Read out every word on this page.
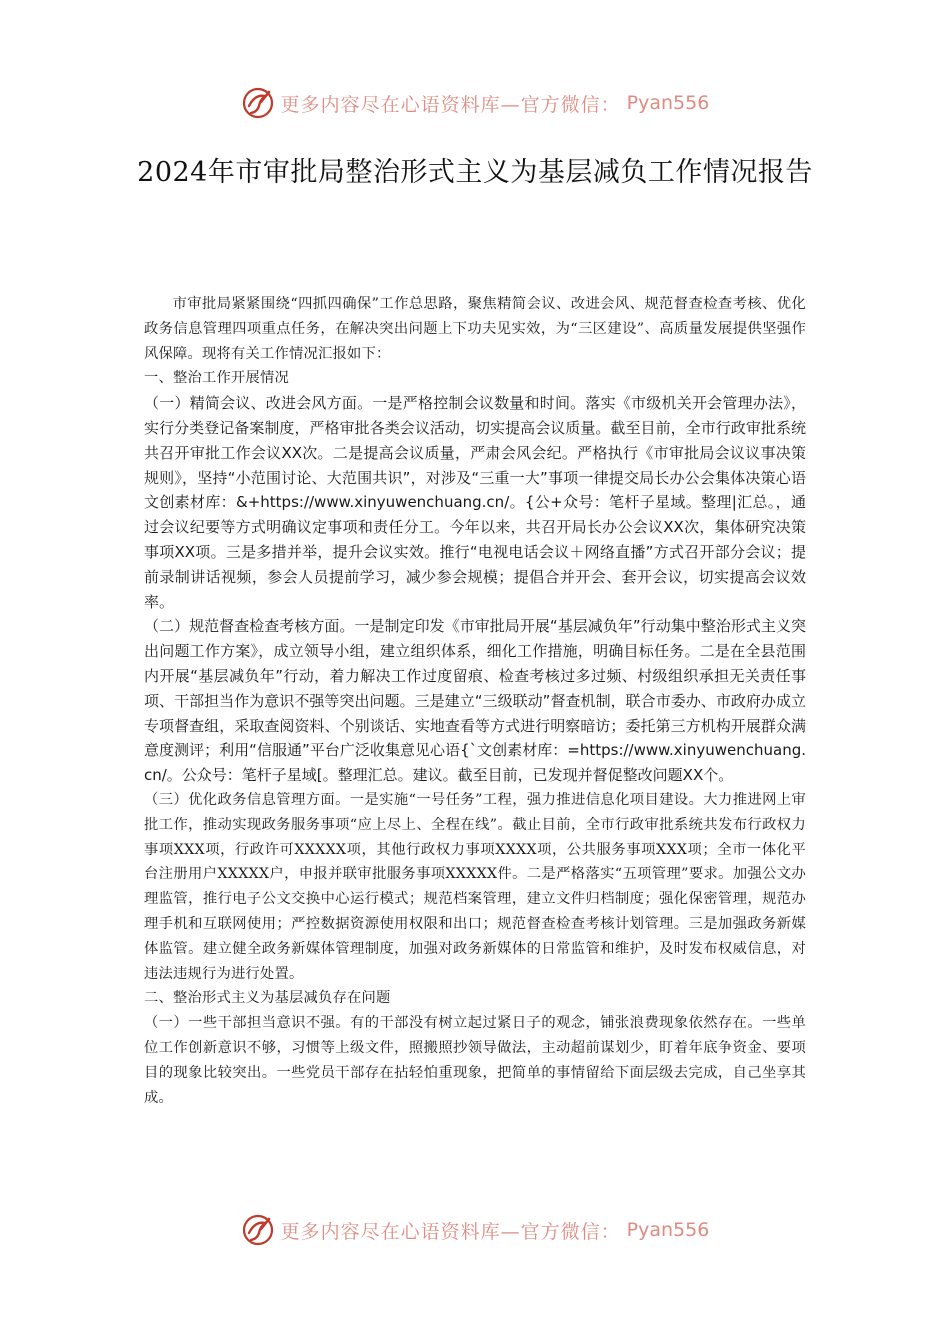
更多内容尽在心语资料库—官方微信： Pyan556
2024年市审批局整治形式主义为基层减负工作情况报告

市审批局紧紧围绕“四抓四确保”工作总思路，聚焦精简会议、改进会风、规范督查检查考核、优化政务信息管理四项重点任务，在解决突出问题上下功夫见实效，为“三区建设”、高质量发展提供坚强作风保障。现将有关工作情况汇报如下：

一、整治工作开展情况

（一）精简会议、改进会风方面。一是严格控制会议数量和时间。落实《市级机关开会管理办法》，实行分类登记备案制度，严格审批各类会议活动，切实提高会议质量。截至目前，全市行政审批系统共召开审批工作会议XX次。二是提高会议质量，严肃会风会纪。严格执行《市审批局会议议事决策规则》，坚持“小范围讨论、大范围共识”，对涉及“三重一大”事项一律提交局长办公会集体决策心语文创素材库：&+https://www.xinyuwenchuang.cn/。{公+众号：笔杆子星域。整理|汇总。，通过会议纪要等方式明确议定事项和责任分工。今年以来，共召开局长办公会议XX次，集体研究决策事项XX项。三是多措并举，提升会议实效。推行“电视电话会议＋网络直播”方式召开部分会议；提前录制讲话视频，参会人员提前学习，减少参会规模；提倡合并开会、套开会议，切实提高会议效率。

（二）规范督查检查考核方面。一是制定印发《市审批局开展“基层减负年”行动集中整治形式主义突出问题工作方案》，成立领导小组，建立组织体系，细化工作措施，明确目标任务。二是在全县范围内开展“基层减负年”行动，着力解决工作过度留痕、检查考核过多过频、村级组织承担无关责任事项、干部担当作为意识不强等突出问题。三是建立“三级联动”督查机制，联合市委办、市政府办成立专项督查组，采取查阅资料、个别谈话、实地查看等方式进行明察暗访；委托第三方机构开展群众满意度测评；利用“信服通”平台广泛收集意见心语{`文创素材库：=https://www.xinyuwenchuang.cn/。公众号：笔杆子星域[。整理汇总。建议。截至目前，已发现并督促整改问题XX个。

（三）优化政务信息管理方面。一是实施“一号任务”工程，强力推进信息化项目建设。大力推进网上审批工作，推动实现政务服务事项“应上尽上、全程在线”。截止目前，全市行政审批系统共发布行政权力事项XXX项，行政许可XXXXX项，其他行政权力事项XXXX项，公共服务事项XXX项；全市一体化平台注册用户XXXXX户，申报并联审批服务事项XXXXX件。二是严格落实“五项管理”要求。加强公文办理监管，推行电子公文交换中心运行模式；规范档案管理，建立文件归档制度；强化保密管理，规范办理手机和互联网使用；严控数据资源使用权限和出口；规范督查检查考核计划管理。三是加强政务新媒体监管。建立健全政务新媒体管理制度，加强对政务新媒体的日常监管和维护，及时发布权威信息，对违法违规行为进行处置。

二、整治形式主义为基层减负存在问题

（一）一些干部担当意识不强。有的干部没有树立起过紧日子的观念，铺张浪费现象依然存在。一些单位工作创新意识不够，习惯等上级文件，照搬照抄领导做法，主动超前谋划少，盯着年底争资金、要项目的现象比较突出。一些党员干部存在拈轻怕重现象，把简单的事情留给下面层级去完成，自己坐享其成。

更多内容尽在心语资料库—官方微信： Pyan556
